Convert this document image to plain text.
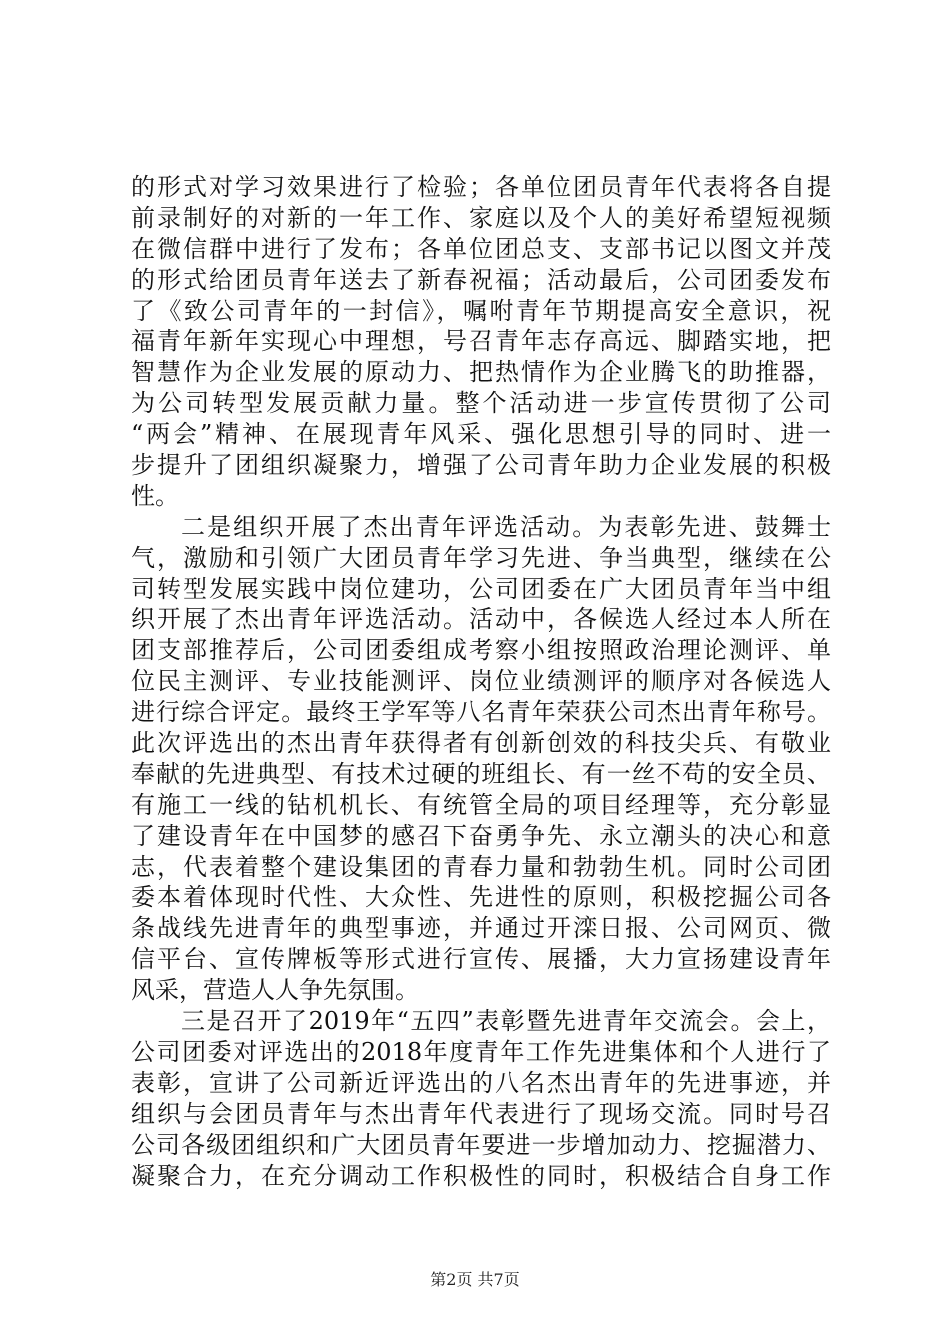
的形式对学习效果进行了检验；各单位团员青年代表将各自提
前录制好的对新的一年工作、家庭以及个人的美好希望短视频
在微信群中进行了发布；各单位团总支、支部书记以图文并茂
的形式给团员青年送去了新春祝福；活动最后，公司团委发布
了《致公司青年的一封信》，嘱咐青年节期提高安全意识，祝
福青年新年实现心中理想，号召青年志存高远、脚踏实地，把
智慧作为企业发展的原动力、把热情作为企业腾飞的助推器，
为公司转型发展贡献力量。整个活动进一步宣传贯彻了公司
“两会”精神、在展现青年风采、强化思想引导的同时、进一
步提升了团组织凝聚力，增强了公司青年助力企业发展的积极
性。
二是组织开展了杰出青年评选活动。为表彰先进、鼓舞士
气，激励和引领广大团员青年学习先进、争当典型，继续在公
司转型发展实践中岗位建功，公司团委在广大团员青年当中组
织开展了杰出青年评选活动。活动中，各候选人经过本人所在
团支部推荐后，公司团委组成考察小组按照政治理论测评、单
位民主测评、专业技能测评、岗位业绩测评的顺序对各候选人
进行综合评定。最终王学军等八名青年荣获公司杰出青年称号。
此次评选出的杰出青年获得者有创新创效的科技尖兵、有敬业
奉献的先进典型、有技术过硬的班组长、有一丝不苟的安全员、
有施工一线的钻机机长、有统管全局的项目经理等，充分彰显
了建设青年在中国梦的感召下奋勇争先、永立潮头的决心和意
志，代表着整个建设集团的青春力量和勃勃生机。同时公司团
委本着体现时代性、大众性、先进性的原则，积极挖掘公司各
条战线先进青年的典型事迹，并通过开滦日报、公司网页、微
信平台、宣传牌板等形式进行宣传、展播，大力宣扬建设青年
风采，营造人人争先氛围。
三是召开了2019年“五四”表彰暨先进青年交流会。会上，
公司团委对评选出的2018年度青年工作先进集体和个人进行了
表彰，宣讲了公司新近评选出的八名杰出青年的先进事迹，并
组织与会团员青年与杰出青年代表进行了现场交流。同时号召
公司各级团组织和广大团员青年要进一步增加动力、挖掘潜力、
凝聚合力，在充分调动工作积极性的同时，积极结合自身工作
第2页 共7页
